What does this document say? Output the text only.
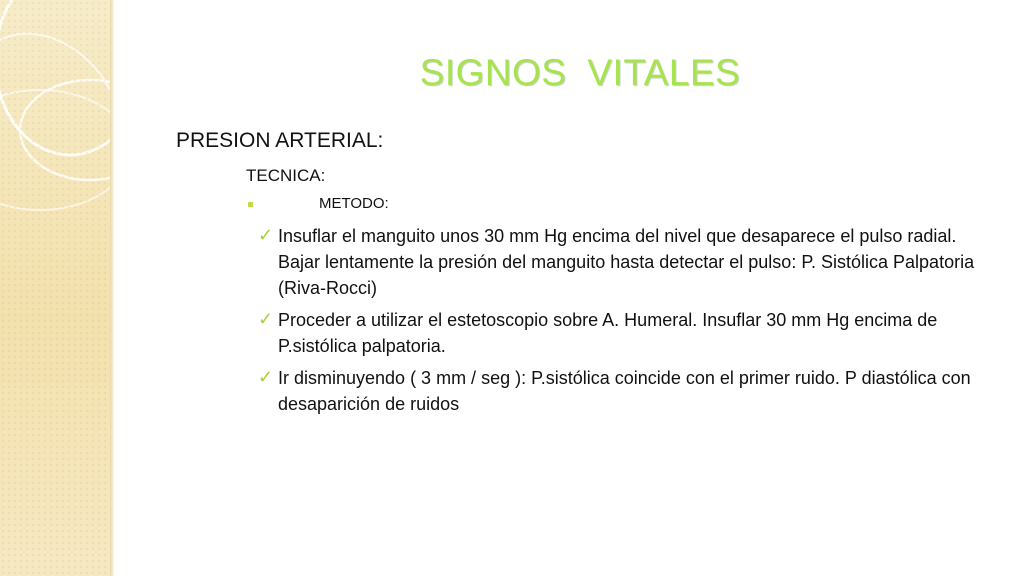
SIGNOS VITALES
PRESION ARTERIAL:
TECNICA:
METODO:
✓ Insuflar el manguito unos 30 mm Hg encima del nivel que desaparece el pulso radial. Bajar lentamente la presión del manguito hasta detectar el pulso: P. Sistólica Palpatoria (Riva-Rocci)
✓ Proceder a utilizar el estetoscopio sobre A. Humeral. Insuflar 30 mm Hg encima de P.sistólica palpatoria.
✓ Ir disminuyendo ( 3 mm / seg ): P.sistólica coincide con el primer ruido. P diastólica con desaparición de ruidos
